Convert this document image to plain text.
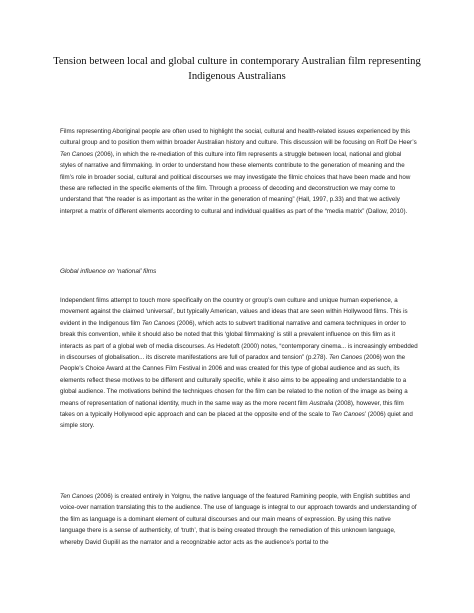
Tension between local and global culture in contemporary Australian film representing Indigenous Australians
Films representing Aboriginal people are often used to highlight the social, cultural and health-related issues experienced by this cultural group and to position them within broader Australian history and culture. This discussion will be focusing on Rolf De Heer’s Ten Canoes (2006), in which the re-mediation of this culture into film represents a struggle between local, national and global styles of narrative and filmmaking. In order to understand how these elements contribute to the generation of meaning and the film’s role in broader social, cultural and political discourses we may investigate the filmic choices that have been made and how these are reflected in the specific elements of the film. Through a process of decoding and deconstruction we may come to understand that “the reader is as important as the writer in the generation of meaning” (Hall, 1997, p.33) and that we actively interpret a matrix of different elements according to cultural and individual qualities as part of the “media matrix” (Dallow, 2010).
Global influence on ‘national’ films
Independent films attempt to touch more specifically on the country or group’s own culture and unique human experience, a movement against the claimed ‘universal’, but typically American, values and ideas that are seen within Hollywood films. This is evident in the Indigenous film Ten Canoes (2006), which acts to subvert traditional narrative and camera techniques in order to break this convention, while it should also be noted that this ‘global filmmaking’ is still a prevalent influence on this film as it interacts as part of a global web of media discourses. As Hedetoft (2000) notes, “contemporary cinema... is increasingly embedded in discourses of globalisation... its discrete manifestations are full of paradox and tension” (p.278). Ten Canoes (2006) won the People’s Choice Award at the Cannes Film Festival in 2006 and was created for this type of global audience and as such, its elements reflect these motives to be different and culturally specific, while it also aims to be appealing and understandable to a global audience. The motivations behind the techniques chosen for the film can be related to the notion of the image as being a means of representation of national identity, much in the same way as the more recent film Australia (2008), however, this film takes on a typically Hollywood epic approach and can be placed at the opposite end of the scale to Ten Canoes’ (2006) quiet and simple story.
Ten Canoes (2006) is created entirely in Yolgnu, the native language of the featured Ramining people, with English subtitles and voice-over narration translating this to the audience. The use of language is integral to our approach towards and understanding of the film as language is a dominant element of cultural discourses and our main means of expression. By using this native language there is a sense of authenticity, of ‘truth’, that is being created through the remediation of this unknown language, whereby David Gupilil as the narrator and a recognizable actor acts as the audience’s portal to the
